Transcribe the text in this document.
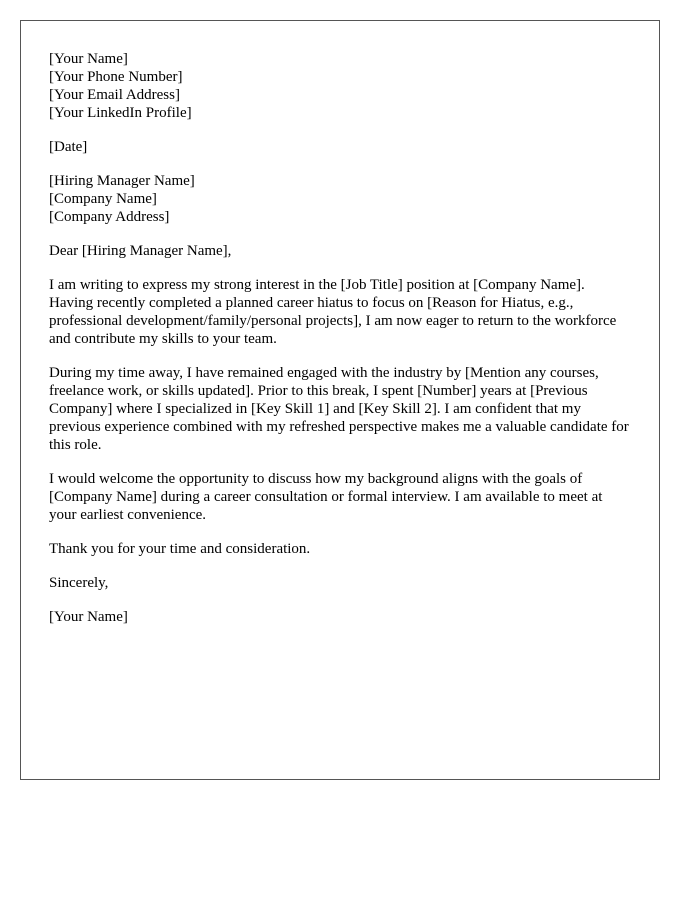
[Your Name]
[Your Phone Number]
[Your Email Address]
[Your LinkedIn Profile]
[Date]
[Hiring Manager Name]
[Company Name]
[Company Address]
Dear [Hiring Manager Name],

I am writing to express my strong interest in the [Job Title] position at [Company Name]. Having recently completed a planned career hiatus to focus on [Reason for Hiatus, e.g., professional development/family/personal projects], I am now eager to return to the workforce and contribute my skills to your team.

During my time away, I have remained engaged with the industry by [Mention any courses, freelance work, or skills updated]. Prior to this break, I spent [Number] years at [Previous Company] where I specialized in [Key Skill 1] and [Key Skill 2]. I am confident that my previous experience combined with my refreshed perspective makes me a valuable candidate for this role.

I would welcome the opportunity to discuss how my background aligns with the goals of [Company Name] during a career consultation or formal interview. I am available to meet at your earliest convenience.

Thank you for your time and consideration.

Sincerely,
[Your Name]
